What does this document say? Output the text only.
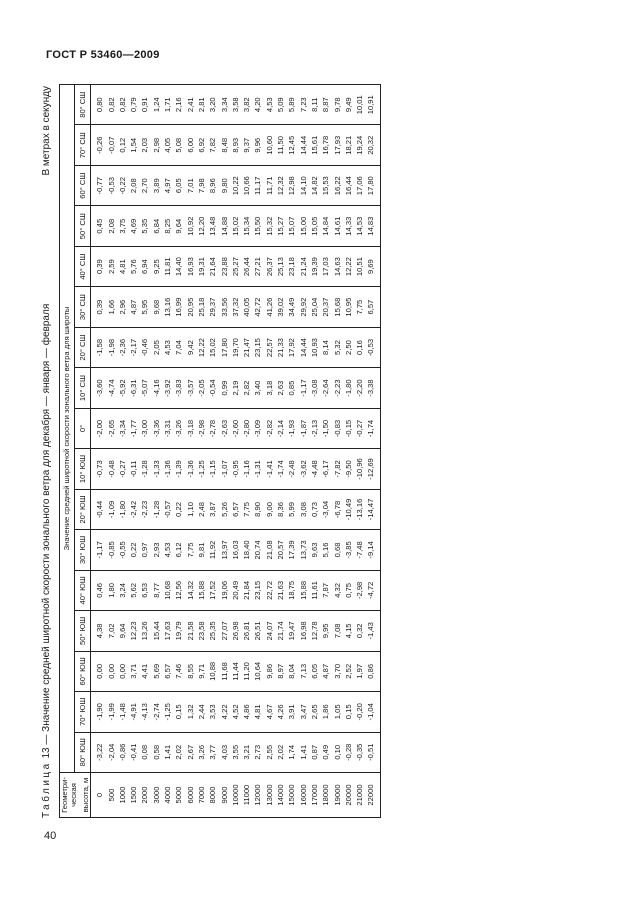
ГОСТ Р 53460—2009
Таблица 13 — Значение средней широтной скорости зонального ветра для декабря — января — февраля
В метрах в секунду
Геометри-
ческая высота, м	Значение средней широтной скорости зонального ветра для широты																
	80° ЮШ	70° ЮШ	60° ЮШ	50° ЮШ	40° ЮШ	30° ЮШ	20° ЮШ	10° ЮШ	0°	10° СШ	20° СШ	30° СШ	40° СШ	50° СШ	60° СШ	70° СШ	80° СШ
0	-3,22	-1,90	0,00	4,38	0,46	-1,17	-0,44	-0,73	-2,00	-3,60	-1,58	0,39	0,39	0,45	-0,77	-0,26	0,80
500	-2,04	-1,99	0,00	7,02	1,80	-0,85	-1,09	-0,48	-2,65	-4,74	-1,98	1,66	2,59	2,08	-0,53	-0,07	0,82
1000	-0,86	-1,48	0,00	9,64	3,24	-0,55	-1,80	-0,27	-3,34	-5,92	-2,36	2,96	4,81	3,75	-0,22	0,12	0,82
1500	-0,41	-4,91	3,71	12,23	5,62	0,22	-2,42	-0,11	-1,77	-6,31	-2,17	4,87	5,76	4,69	2,08	1,54	0,79
2000	0,08	-4,13	4,41	13,26	6,53	0,97	-2,23	-1,28	-3,00	-5,07	-0,46	5,95	6,94	5,35	2,70	2,03	0,91
3000	0,58	-2,74	5,69	15,44	8,77	2,93	-1,28	-1,33	-3,36	-4,16	2,05	9,68	9,25	6,84	3,89	2,98	1,24
4000	1,41	-1,25	6,57	17,63	10,68	4,53	-0,57	-1,36	-3,31	-3,92	4,53	13,16	11,81	8,25	4,97	4,05	1,71
5000	2,02	0,15	7,46	19,79	12,56	6,12	0,22	-1,39	-3,26	-3,83	7,04	16,99	14,40	9,64	6,05	5,08	2,16
6000	2,67	1,32	8,55	21,58	14,32	7,75	1,10	-1,36	-3,18	-3,57	9,42	20,95	16,93	10,92	7,01	6,00	2,41
7000	3,26	2,44	9,71	23,58	15,88	9,81	2,48	-1,25	-2,98	-2,05	12,22	25,18	19,31	12,20	7,98	6,92	2,81
8000	3,77	3,53	10,88	25,35	17,52	11,92	3,87	-1,15	-2,78	-0,54	15,02	29,37	21,64	13,48	8,96	7,82	3,20
9000	4,03	4,22	11,68	27,07	19,06	13,97	5,26	-1,07	-2,63	0,99	17,80	33,56	23,88	14,88	9,80	8,48	3,34
10000	3,55	4,52	11,44	26,98	20,49	16,03	6,57	-0,95	-2,60	2,19	19,70	37,32	25,27	15,02	10,22	8,93	3,58
11000	3,21	4,86	11,20	26,81	21,84	18,40	7,75	-1,16	-2,80	2,82	21,47	40,05	26,44	15,34	10,66	9,37	3,82
12000	2,73	4,81	10,64	26,51	23,15	20,74	8,90	-1,31	-3,09	3,40	23,15	42,72	27,21	15,50	11,17	9,96	4,20
13000	2,55	4,67	9,86	24,07	22,72	21,08	9,00	-1,41	-2,82	3,18	22,57	41,26	26,37	15,32	11,71	10,60	4,53
14000	2,02	4,26	8,97	21,74	21,63	20,57	8,36	-1,74	-2,14	2,63	21,33	39,02	25,13	15,27	12,32	11,50	5,09
15000	1,74	3,91	8,04	19,47	18,75	17,39	5,99	-2,48	-1,93	0,85	17,92	34,49	23,18	15,07	12,98	12,45	5,89
16000	1,41	3,47	7,13	16,98	15,88	13,73	3,08	-3,62	-1,87	-1,17	14,44	29,92	21,24	15,00	14,10	14,44	7,23
17000	0,87	2,65	6,05	12,78	11,61	9,63	0,73	-4,48	-2,13	-3,08	10,93	25,04	19,39	15,05	14,82	15,61	8,11
18000	0,49	1,86	4,87	9,95	7,87	5,16	-3,04	-6,17	-1,50	-2,64	8,14	20,37	17,03	14,84	15,53	16,78	8,87
19000	0,10	1,05	3,70	7,08	4,32	0,68	-6,78	-7,82	-0,83	-2,23	5,32	15,68	14,63	14,61	16,22	17,93	9,78
20000	-0,28	0,15	2,52	4,15	0,75	-3,85	-10,49	-9,50	-0,15	-1,80	2,50	10,95	12,22	14,33	16,44	18,21	9,49
21000	-0,35	-0,20	1,97	0,32	-2,98	-7,48	-13,16	-10,96	-0,27	-2,20	0,16	7,75	10,51	14,53	17,06	19,24	10,01
22000	-0,51	-1,04	0,86	-1,43	-4,72	-9,14	-14,47	-12,69	-1,74	-3,38	-0,53	6,57	9,69	14,83	17,80	20,32	10,91
40
